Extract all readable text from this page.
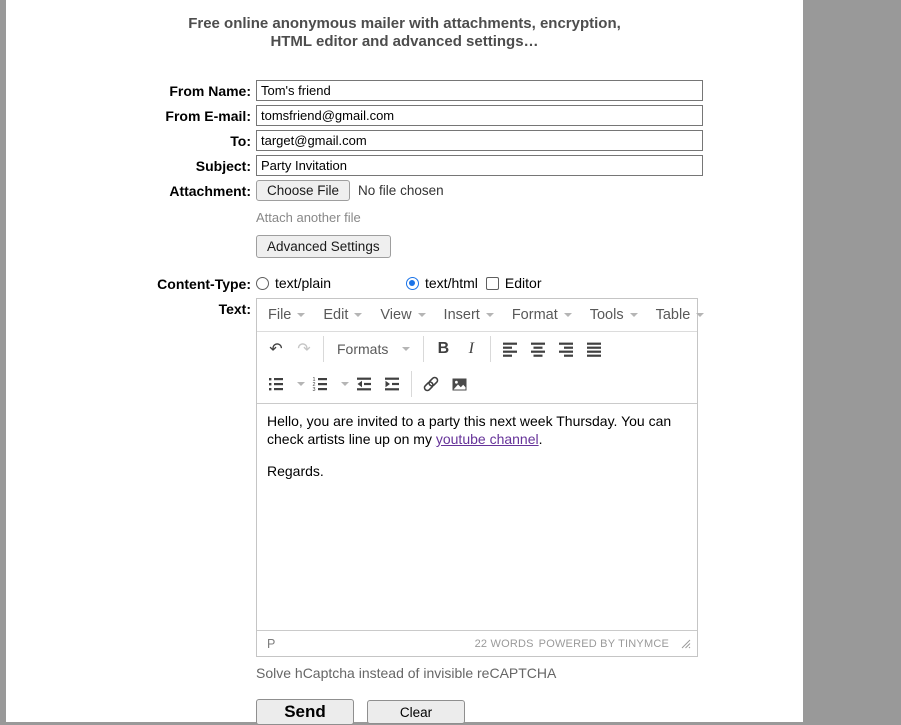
Free online anonymous mailer with attachments, encryption,
HTML editor and advanced settings…
From Name:
Tom's friend
From E-mail:
tomsfriend@gmail.com
To:
target@gmail.com
Subject:
Party Invitation
Attachment:	Choose File	No file chosen
Attach another file
Advanced Settings
Content-Type:	text/plain	text/html Editor
Text:	File Edit View Insert Format Tools Table
↶ ↷ Formats	B I
1
2
3

Hello, you are invited to a party this next week Thursday. You can check artists line up on my youtube channel.

Regards.

P	22 WORDS POWERED BY TINYMCE
Solve hCaptcha instead of invisible reCAPTCHA
Send	Clear
